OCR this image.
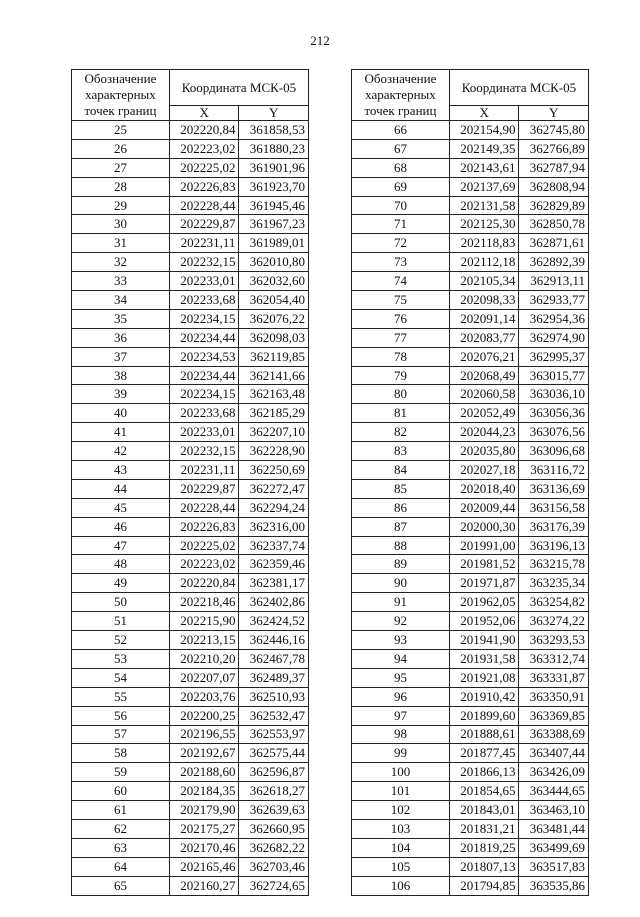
212
Обозначение характерных точек границ	Координата МСК-05	
	X	Y
25	202220,84	361858,53
26	202223,02	361880,23
27	202225,02	361901,96
28	202226,83	361923,70
29	202228,44	361945,46
30	202229,87	361967,23
31	202231,11	361989,01
32	202232,15	362010,80
33	202233,01	362032,60
34	202233,68	362054,40
35	202234,15	362076,22
36	202234,44	362098,03
37	202234,53	362119,85
38	202234,44	362141,66
39	202234,15	362163,48
40	202233,68	362185,29
41	202233,01	362207,10
42	202232,15	362228,90
43	202231,11	362250,69
44	202229,87	362272,47
45	202228,44	362294,24
46	202226,83	362316,00
47	202225,02	362337,74
48	202223,02	362359,46
49	202220,84	362381,17
50	202218,46	362402,86
51	202215,90	362424,52
52	202213,15	362446,16
53	202210,20	362467,78
54	202207,07	362489,37
55	202203,76	362510,93
56	202200,25	362532,47
57	202196,55	362553,97
58	202192,67	362575,44
59	202188,60	362596,87
60	202184,35	362618,27
61	202179,90	362639,63
62	202175,27	362660,95
63	202170,46	362682,22
64	202165,46	362703,46
65	202160,27	362724,65
Обозначение характерных точек границ	Координата МСК-05	
	X	Y
66	202154,90	362745,80
67	202149,35	362766,89
68	202143,61	362787,94
69	202137,69	362808,94
70	202131,58	362829,89
71	202125,30	362850,78
72	202118,83	362871,61
73	202112,18	362892,39
74	202105,34	362913,11
75	202098,33	362933,77
76	202091,14	362954,36
77	202083,77	362974,90
78	202076,21	362995,37
79	202068,49	363015,77
80	202060,58	363036,10
81	202052,49	363056,36
82	202044,23	363076,56
83	202035,80	363096,68
84	202027,18	363116,72
85	202018,40	363136,69
86	202009,44	363156,58
87	202000,30	363176,39
88	201991,00	363196,13
89	201981,52	363215,78
90	201971,87	363235,34
91	201962,05	363254,82
92	201952,06	363274,22
93	201941,90	363293,53
94	201931,58	363312,74
95	201921,08	363331,87
96	201910,42	363350,91
97	201899,60	363369,85
98	201888,61	363388,69
99	201877,45	363407,44
100	201866,13	363426,09
101	201854,65	363444,65
102	201843,01	363463,10
103	201831,21	363481,44
104	201819,25	363499,69
105	201807,13	363517,83
106	201794,85	363535,86
